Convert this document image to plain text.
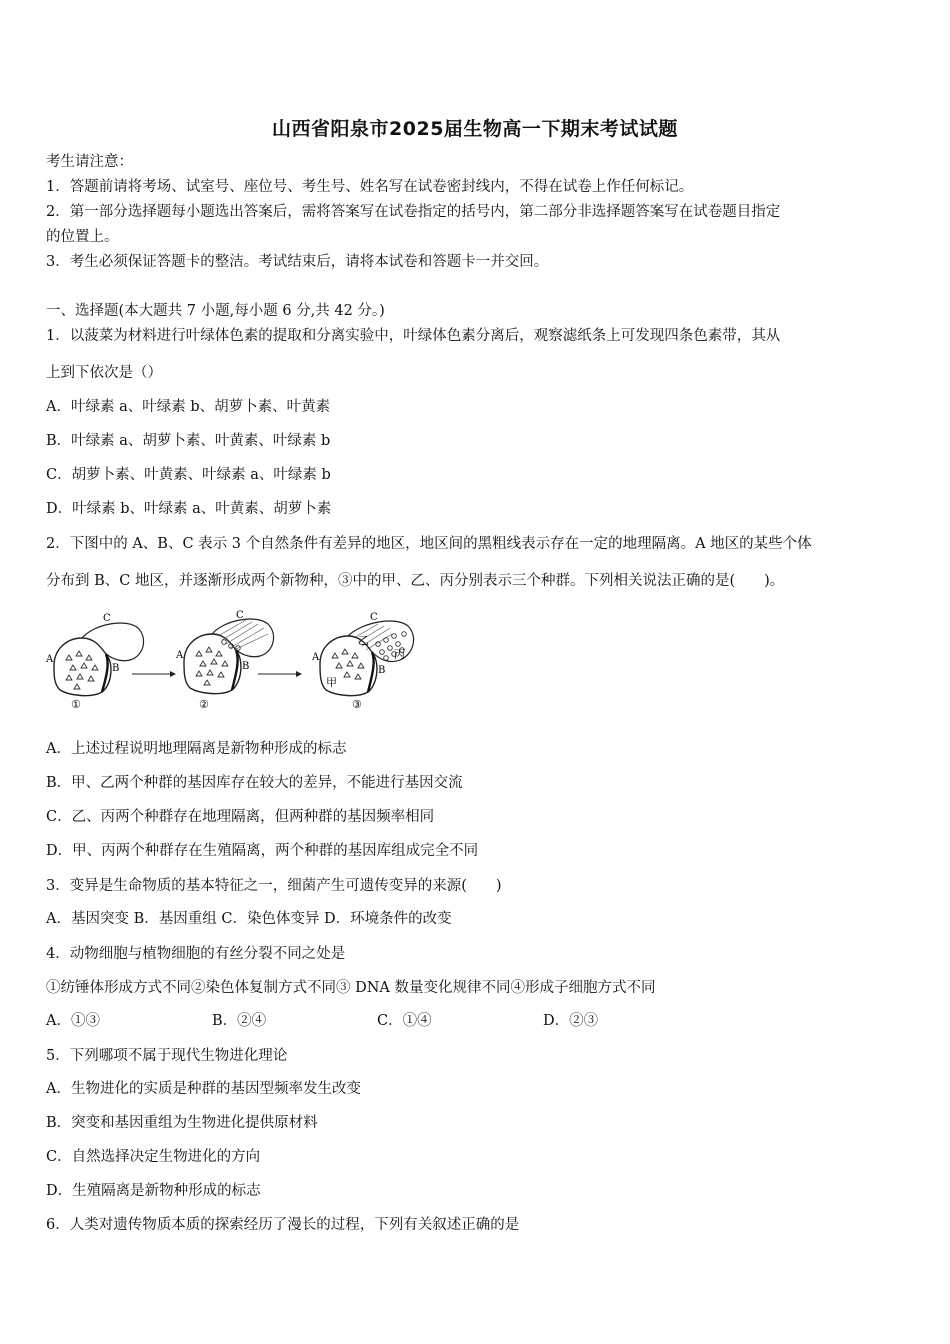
山西省阳泉市2025届生物高一下期末考试试题
考生请注意：
1．答题前请将考场、试室号、座位号、考生号、姓名写在试卷密封线内，不得在试卷上作任何标记。
2．第一部分选择题每小题选出答案后，需将答案写在试卷指定的括号内，第二部分非选择题答案写在试卷题目指定
的位置上。
3．考生必须保证答题卡的整洁。考试结束后，请将本试卷和答题卡一并交回。
一、选择题(本大题共 7 小题,每小题 6 分,共 42 分。)
1．以菠菜为材料进行叶绿体色素的提取和分离实验中，叶绿体色素分离后，观察滤纸条上可发现四条色素带，其从
上到下依次是（）
A．叶绿素 a、叶绿素 b、胡萝卜素、叶黄素
B．叶绿素 a、胡萝卜素、叶黄素、叶绿素 b
C．胡萝卜素、叶黄素、叶绿素 a、叶绿素 b
D．叶绿素 b、叶绿素 a、叶黄素、胡萝卜素
2．下图中的 A、B、C 表示 3 个自然条件有差异的地区，地区间的黑粗线表示存在一定的地理隔离。A 地区的某些个体
分布到 B、C 地区，并逐渐形成两个新物种，③中的甲、乙、丙分别表示三个种群。下列相关说法正确的是(　　)。
A
B
C
①
A
B
C
②
A
B
C
甲
乙
丙
③
A．上述过程说明地理隔离是新物种形成的标志
B．甲、乙两个种群的基因库存在较大的差异，不能进行基因交流
C．乙、丙两个种群存在地理隔离，但两种群的基因频率相同
D．甲、丙两个种群存在生殖隔离，两个种群的基因库组成完全不同
3．变异是生命物质的基本特征之一，细菌产生可遗传变异的来源(　　)
A．基因突变 B．基因重组 C．染色体变异 D．环境条件的改变
4．动物细胞与植物细胞的有丝分裂不同之处是
①纺锤体形成方式不同②染色体复制方式不同③ DNA 数量变化规律不同④形成子细胞方式不同
A．①③	B．②④	C．①④	D．②③
5．下列哪项不属于现代生物进化理论
A．生物进化的实质是种群的基因型频率发生改变
B．突变和基因重组为生物进化提供原材料
C．自然选择决定生物进化的方向
D．生殖隔离是新物种形成的标志
6．人类对遗传物质本质的探索经历了漫长的过程，下列有关叙述正确的是
